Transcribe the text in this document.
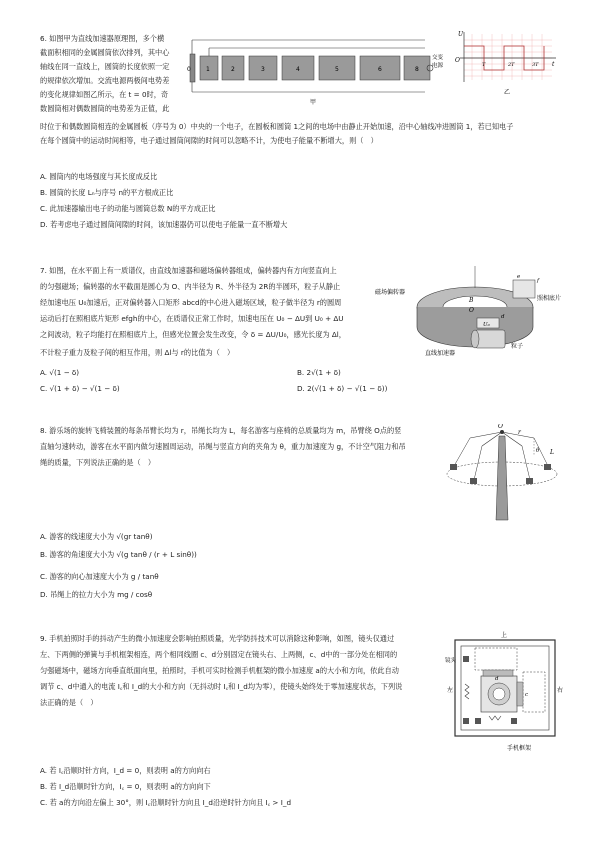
6. 如图甲为直线加速器原理图，多个横
截面积相同的金属圆筒依次排列，其中心
轴线在同一直线上，圆筒的长度依照一定
的规律依次增加。交流电源两极间电势差
的变化规律如图乙所示，在 t = 0时，奇
数圆筒相对偶数圆筒的电势差为正值，此
时位于和偶数圆筒相连的金属圆板（序号为 0）中央的一个电子，在圆板和圆筒 1之间的电场中由静止开始加速，沿中心轴线冲进圆筒 1，若已知电子
在每个圆筒中的运动时间相等，电子通过圆筒间隙的时间可以忽略不计，为使电子能量不断增大，则（　）
0	1	2	3	4	5	6	8
交变
电源
甲
U
O
T	2T	3T t
乙
A. 圆筒内的电场强度与其长度成反比
B. 圆筒的长度 Lₙ与序号 n的平方根成正比
C. 此加速器输出电子的动能与圆筒总数 N的平方成正比
D. 若考虑电子通过圆筒间隙的时间，该加速器仍可以使电子能量一直不断增大
7. 如图，在水平面上有一质谱仪，由直线加速器和磁场偏转器组成，偏转器内有方向竖直向上
的匀强磁场；偏转器的水平截面是圆心为 O、内半径为 R、外半径为 2R的半圆环，粒子从静止
经加速电压 U₀加速后，正对偏转器入口矩形 abcd的中心进入磁场区域，粒子做半径为 r的圆周
运动后打在照相底片矩形 efgh的中心，在质谱仪正常工作时，加速电压在 U₀ − ΔU到 U₀ + ΔU
之间波动，粒子均能打在照相底片上，但感光位置会发生改变，令 δ = ΔU/U₀，感光长度为 Δl，
不计粒子重力及粒子间的相互作用，则 Δl与 r的比值为（　）
磁场偏转器
照相底片
直线加速器
粒子
B
O
U₀
f
e
d
A. √(1 − δ)	B. 2√(1 + δ)
C. √(1 + δ) − √(1 − δ)	D. 2(√(1 + δ) − √(1 − δ))
8. 游乐场的旋转飞椅装置的每条吊臂长均为 r，吊绳长均为 L，每名游客与座椅的总质量均为 m，吊臂绕 O点的竖
直轴匀速转动，游客在水平面内做匀速圆周运动，吊绳与竖直方向的夹角为 θ，重力加速度为 g，不计空气阻力和吊
绳的质量，下列说法正确的是（　）
O
r
θ L
A. 游客的线速度大小为 √(gr tanθ)
B. 游客的角速度大小为 √(g tanθ / (r + L sinθ))
C. 游客的向心加速度大小为 g / tanθ
D. 吊绳上的拉力大小为 mg / cosθ
9. 手机拍照时手的抖动产生的微小加速度会影响拍照质量，光学防抖技术可以消除这种影响，如图，镜头仅通过
左、下两侧的弹簧与手机框架相连，两个相同线圈 c、d分别固定在镜头右、上两侧，c、d中的一部分处在相同的
匀强磁场中，磁场方向垂直纸面向里，拍照时，手机可实时检测手机框架的微小加速度 a的大小和方向，依此自动
调节 c、d中通入的电流 I꜀和 I_d的大小和方向（无抖动时 I꜀和 I_d均为零），使镜头始终处于零加速度状态，下列说
法正确的是（　）
上
左	右
镜头
d
c
手机框架
A. 若 I꜀沿顺时针方向，I_d = 0，则表明 a的方向向右
B. 若 I_d沿顺时针方向，I꜀ = 0，则表明 a的方向向下
C. 若 a的方向沿左偏上 30°，则 I꜀沿顺时针方向且 I_d沿逆时针方向且 I꜀ > I_d
